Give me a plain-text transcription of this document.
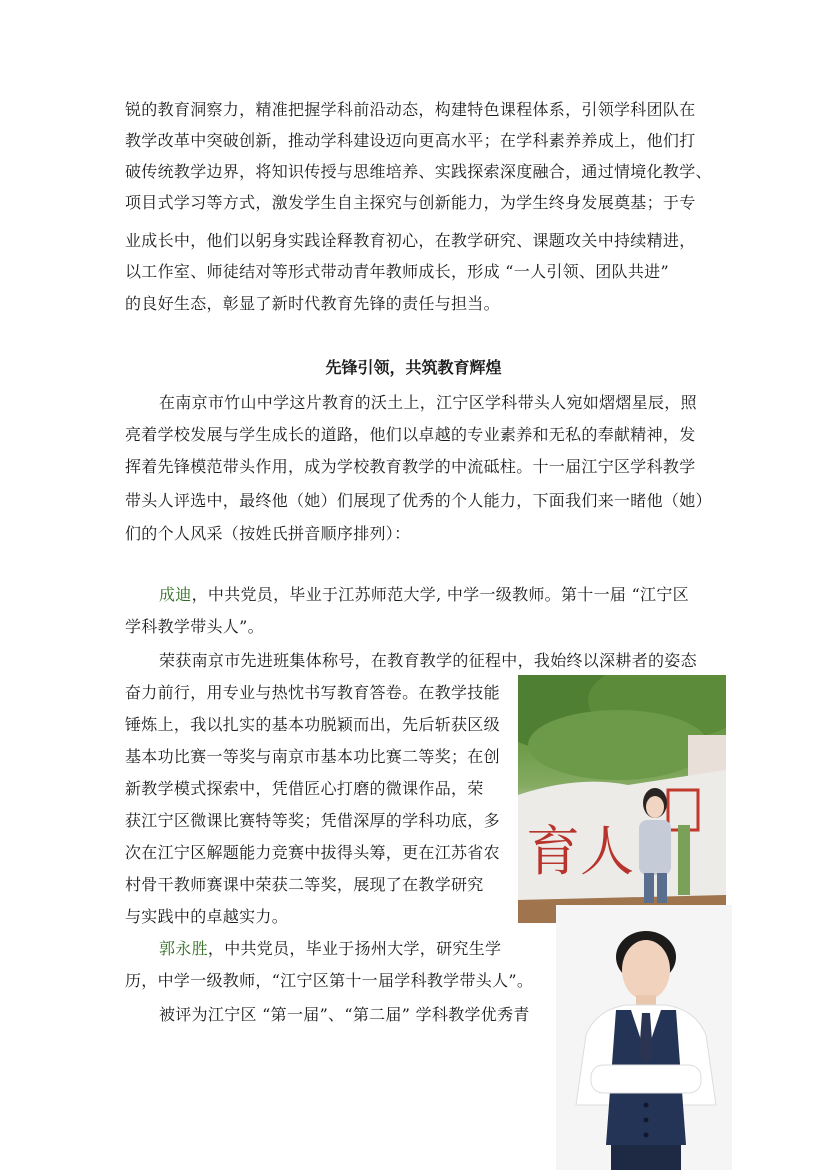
锐的教育洞察力，精准把握学科前沿动态，构建特色课程体系，引领学科团队在
教学改革中突破创新，推动学科建设迈向更高水平；在学科素养养成上，他们打
破传统教学边界，将知识传授与思维培养、实践探索深度融合，通过情境化教学、
项目式学习等方式，激发学生自主探究与创新能力，为学生终身发展奠基；于专
业成长中，他们以躬身实践诠释教育初心，在教学研究、课题攻关中持续精进，
以工作室、师徒结对等形式带动青年教师成长，形成 “一人引领、团队共进”
的良好生态，彰显了新时代教育先锋的责任与担当。
先锋引领，共筑教育辉煌
在南京市竹山中学这片教育的沃土上，江宁区学科带头人宛如熠熠星辰，照
亮着学校发展与学生成长的道路，他们以卓越的专业素养和无私的奉献精神，发
挥着先锋模范带头作用，成为学校教育教学的中流砥柱。十一届江宁区学科教学
带头人评选中，最终他（她）们展现了优秀的个人能力，下面我们来一睹他（她）
们的个人风采（按姓氏拼音顺序排列）：
成迪，中共党员，毕业于江苏师范大学, 中学一级教师。第十一届 “江宁区
学科教学带头人”。
荣获南京市先进班集体称号，在教育教学的征程中，我始终以深耕者的姿态
奋力前行，用专业与热忱书写教育答卷。在教学技能
锤炼上，我以扎实的基本功脱颖而出，先后斩获区级
基本功比赛一等奖与南京市基本功比赛二等奖；在创
新教学模式探索中，凭借匠心打磨的微课作品，荣
获江宁区微课比赛特等奖；凭借深厚的学科功底，多
次在江宁区解题能力竞赛中拔得头筹，更在江苏省农
村骨干教师赛课中荣获二等奖，展现了在教学研究
与实践中的卓越实力。
郭永胜，中共党员，毕业于扬州大学，研究生学
历，中学一级教师，“江宁区第十一届学科教学带头人”。
被评为江宁区 “第一届”、“第二届” 学科教学优秀青
育人
